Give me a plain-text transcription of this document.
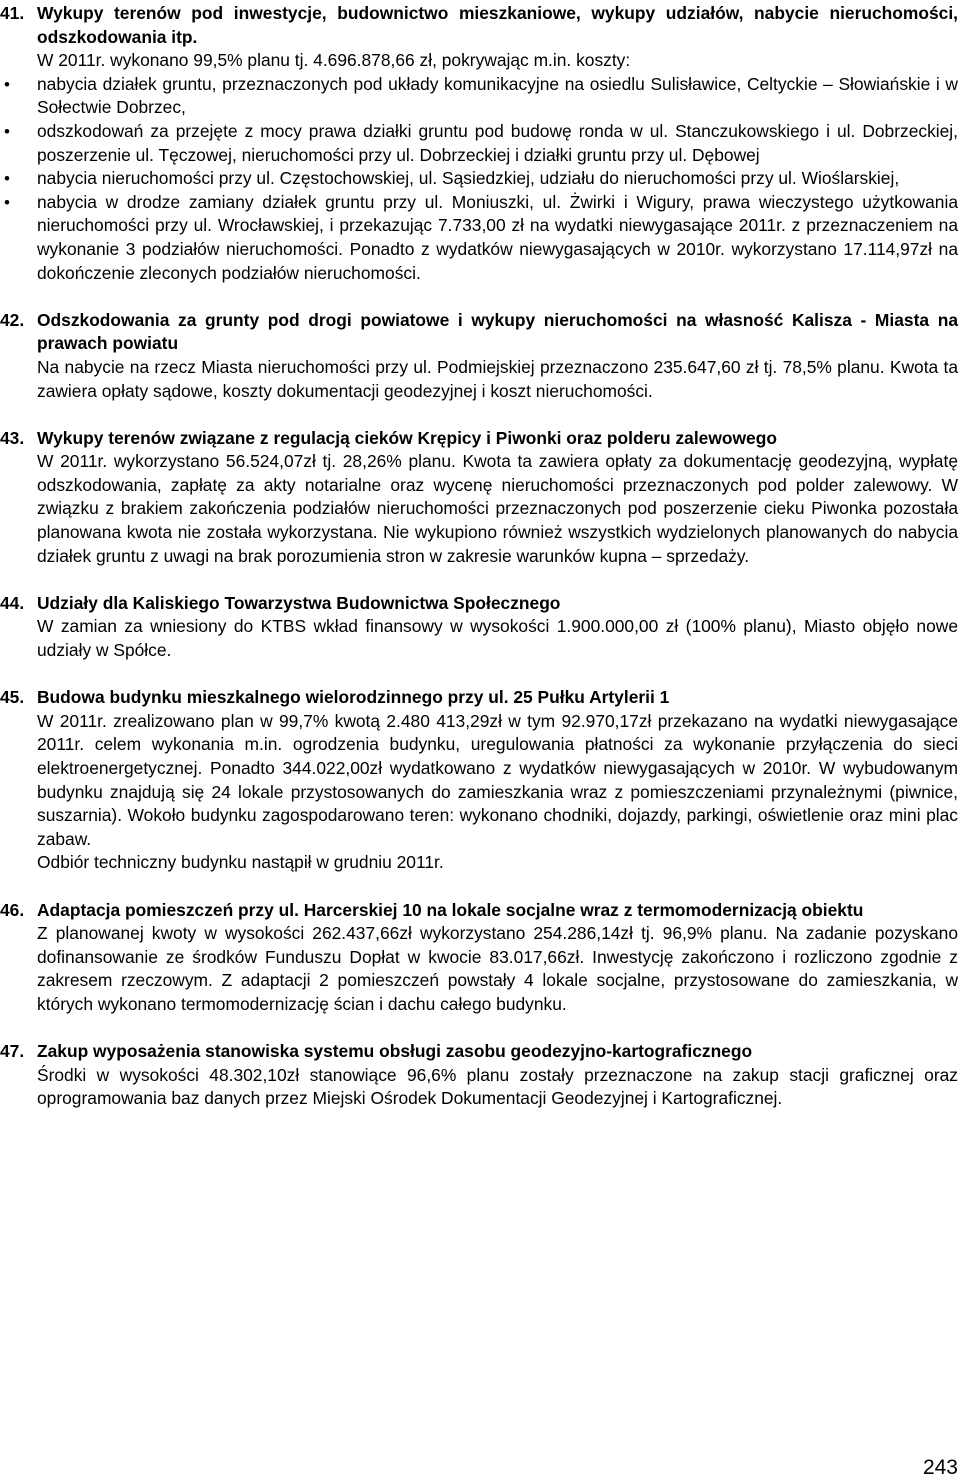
41. Wykupy terenów pod inwestycje, budownictwo mieszkaniowe, wykupy udziałów, nabycie nieruchomości, odszkodowania itp.
W 2011r. wykonano 99,5% planu tj. 4.696.878,66 zł, pokrywając m.in. koszty:
• nabycia działek gruntu, przeznaczonych pod układy komunikacyjne na osiedlu Sulisławice, Celtyckie – Słowiańskie i w Sołectwie Dobrzec,
• odszkodowań za przejęte z mocy prawa działki gruntu pod budowę ronda w ul. Stanczukowskiego i ul. Dobrzeckiej, poszerzenie ul. Tęczowej, nieruchomości przy ul. Dobrzeckiej i działki gruntu przy ul. Dębowej
• nabycia nieruchomości przy ul. Częstochowskiej, ul. Sąsiedzkiej, udziału do nieruchomości przy ul. Wioślarskiej,
• nabycia w drodze zamiany działek gruntu przy ul. Moniuszki, ul. Żwirki i Wigury, prawa wieczystego użytkowania nieruchomości przy ul. Wrocławskiej, i przekazując 7.733,00 zł na wydatki niewygasające 2011r. z przeznaczeniem na wykonanie 3 podziałów nieruchomości. Ponadto z wydatków niewygasających w 2010r. wykorzystano 17.114,97zł na dokończenie zleconych podziałów nieruchomości.
42. Odszkodowania za grunty pod drogi powiatowe i wykupy nieruchomości na własność Kalisza - Miasta na prawach powiatu
Na nabycie na rzecz Miasta nieruchomości przy ul. Podmiejskiej przeznaczono 235.647,60 zł tj. 78,5% planu. Kwota ta zawiera opłaty sądowe, koszty dokumentacji geodezyjnej i koszt nieruchomości.
43. Wykupy terenów związane z regulacją cieków Krępicy i Piwonki oraz polderu zalewowego
W 2011r. wykorzystano 56.524,07zł tj. 28,26% planu. Kwota ta zawiera opłaty za dokumentację geodezyjną, wypłatę odszkodowania, zapłatę za akty notarialne oraz wycenę nieruchomości przeznaczonych pod polder zalewowy. W związku z brakiem zakończenia podziałów nieruchomości przeznaczonych pod poszerzenie cieku Piwonka pozostała planowana kwota nie została wykorzystana. Nie wykupiono również wszystkich wydzielonych planowanych do nabycia działek gruntu z uwagi na brak porozumienia stron w zakresie warunków kupna – sprzedaży.
44. Udziały dla Kaliskiego Towarzystwa Budownictwa Społecznego
W zamian za wniesiony do KTBS wkład finansowy w wysokości 1.900.000,00 zł (100% planu), Miasto objęło nowe udziały w Spółce.
45. Budowa budynku mieszkalnego wielorodzinnego przy ul. 25 Pułku Artylerii 1
W 2011r. zrealizowano plan w 99,7% kwotą 2.480 413,29zł w tym 92.970,17zł przekazano na wydatki niewygasające 2011r. celem wykonania m.in. ogrodzenia budynku, uregulowania płatności za wykonanie przyłączenia do sieci elektroenergetycznej. Ponadto 344.022,00zł wydatkowano z wydatków niewygasających w 2010r. W wybudowanym budynku znajdują się 24 lokale przystosowanych do zamieszkania wraz z pomieszczeniami przynależnymi (piwnice, suszarnia). Wokoło budynku zagospodarowano teren: wykonano chodniki, dojazdy, parkingi, oświetlenie oraz mini plac zabaw.
Odbiór techniczny budynku nastąpił w grudniu 2011r.
46. Adaptacja pomieszczeń przy ul. Harcerskiej 10 na lokale socjalne wraz z termomodernizacją obiektu
Z planowanej kwoty w wysokości 262.437,66zł wykorzystano 254.286,14zł tj. 96,9% planu. Na zadanie pozyskano dofinansowanie ze środków Funduszu Dopłat w kwocie 83.017,66zł. Inwestycję zakończono i rozliczono zgodnie z zakresem rzeczowym. Z adaptacji 2 pomieszczeń powstały 4 lokale socjalne, przystosowane do zamieszkania, w których wykonano termomodernizację ścian i dachu całego budynku.
47. Zakup wyposażenia stanowiska systemu obsługi zasobu geodezyjno-kartograficznego
Środki w wysokości 48.302,10zł stanowiące 96,6% planu zostały przeznaczone na zakup stacji graficznej oraz oprogramowania baz danych przez Miejski Ośrodek Dokumentacji Geodezyjnej i Kartograficznej.
243
